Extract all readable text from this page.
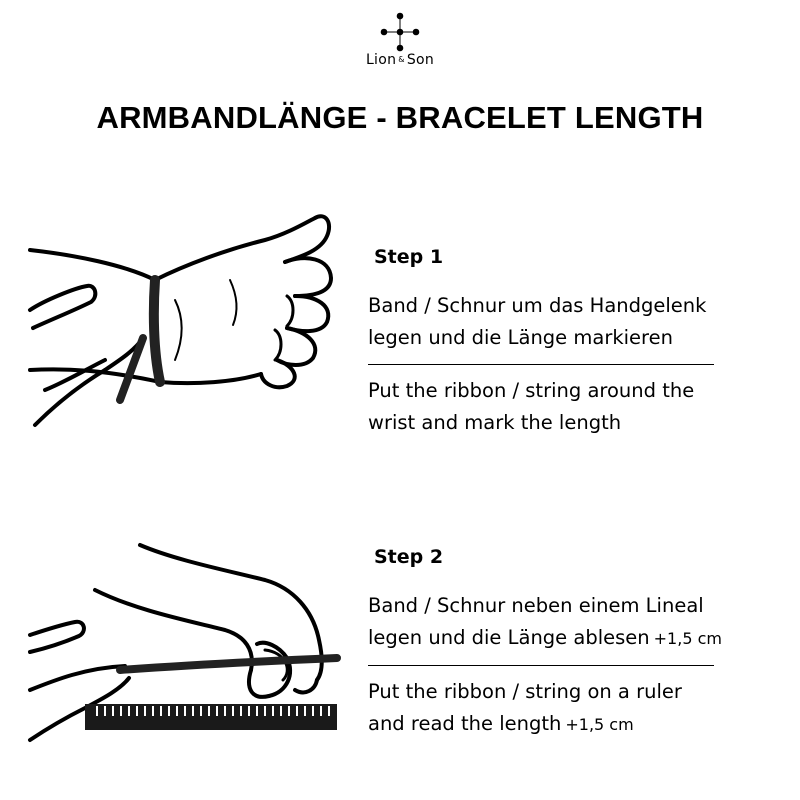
Lion & Son
ARMBANDLÄNGE - BRACELET LENGTH
Step 1
Band / Schnur um das Handgelenk
legen und die Länge markieren
Put the ribbon / string around the
wrist and mark the length
Step 2
Band / Schnur neben einem Lineal
legen und die Länge ablesen +1,5 cm
Put the ribbon / string on a ruler
and read the length +1,5 cm
